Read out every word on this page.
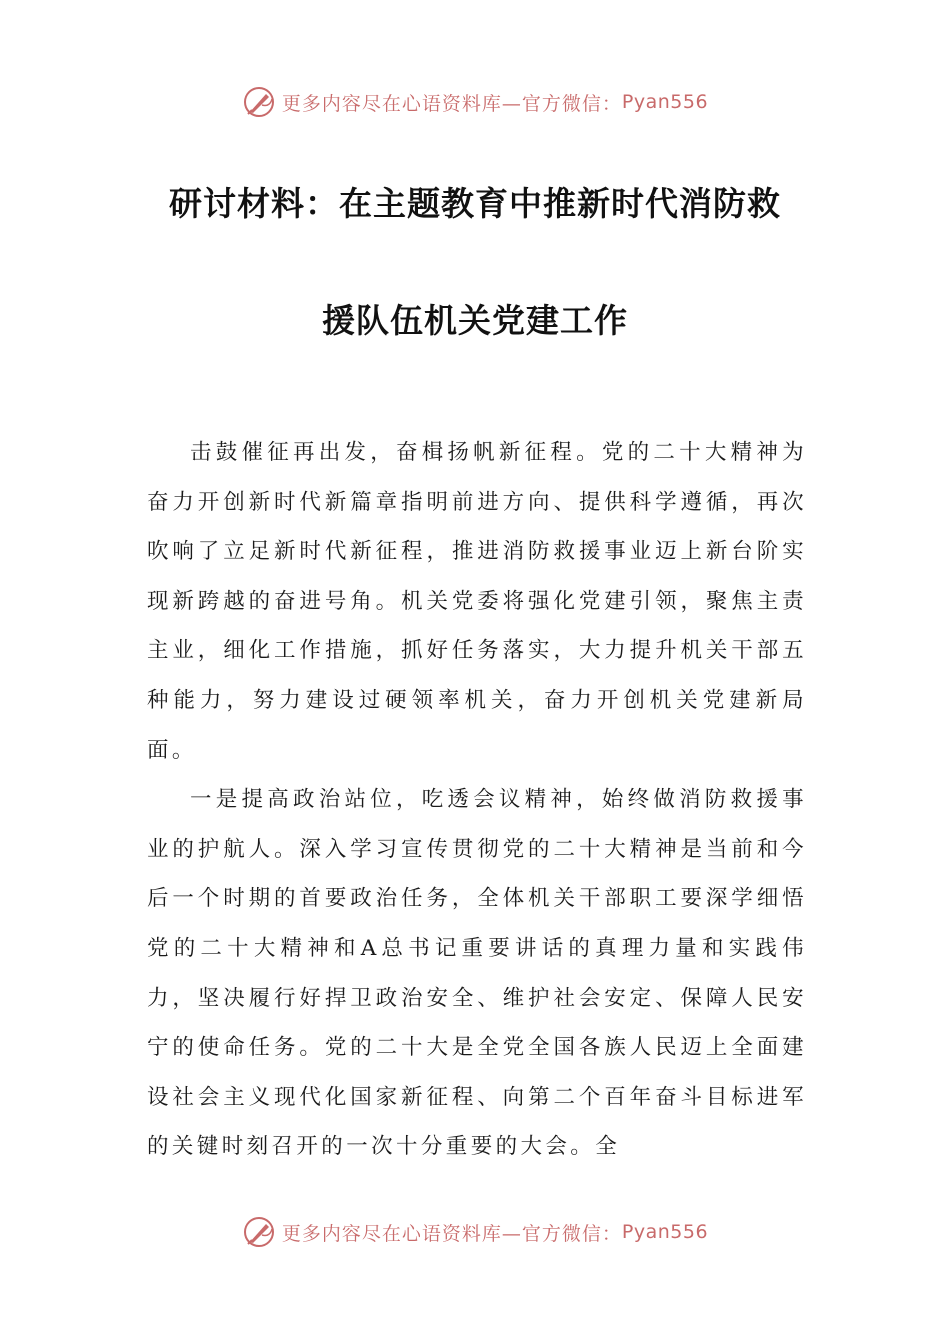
更多内容尽在心语资料库—官方微信： Pyan556
研讨材料：在主题教育中推新时代消防救
援队伍机关党建工作

击鼓催征再出发，奋楫扬帆新征程。党的二十大精神为奋力开创新时代新篇章指明前进方向、提供科学遵循，再次吹响了立足新时代新征程，推进消防救援事业迈上新台阶实现新跨越的奋进号角。机关党委将强化党建引领，聚焦主责主业，细化工作措施，抓好任务落实，大力提升机关干部五种能力，努力建设过硬领率机关，奋力开创机关党建新局面。

一是提高政治站位，吃透会议精神，始终做消防救援事业的护航人。深入学习宣传贯彻党的二十大精神是当前和今后一个时期的首要政治任务，全体机关干部职工要深学细悟党的二十大精神和A总书记重要讲话的真理力量和实践伟力，坚决履行好捍卫政治安全、维护社会安定、保障人民安宁的使命任务。党的二十大是全党全国各族人民迈上全面建设社会主义现代化国家新征程、向第二个百年奋斗目标进军的关键时刻召开的一次十分重要的大会。全

更多内容尽在心语资料库—官方微信： Pyan556
